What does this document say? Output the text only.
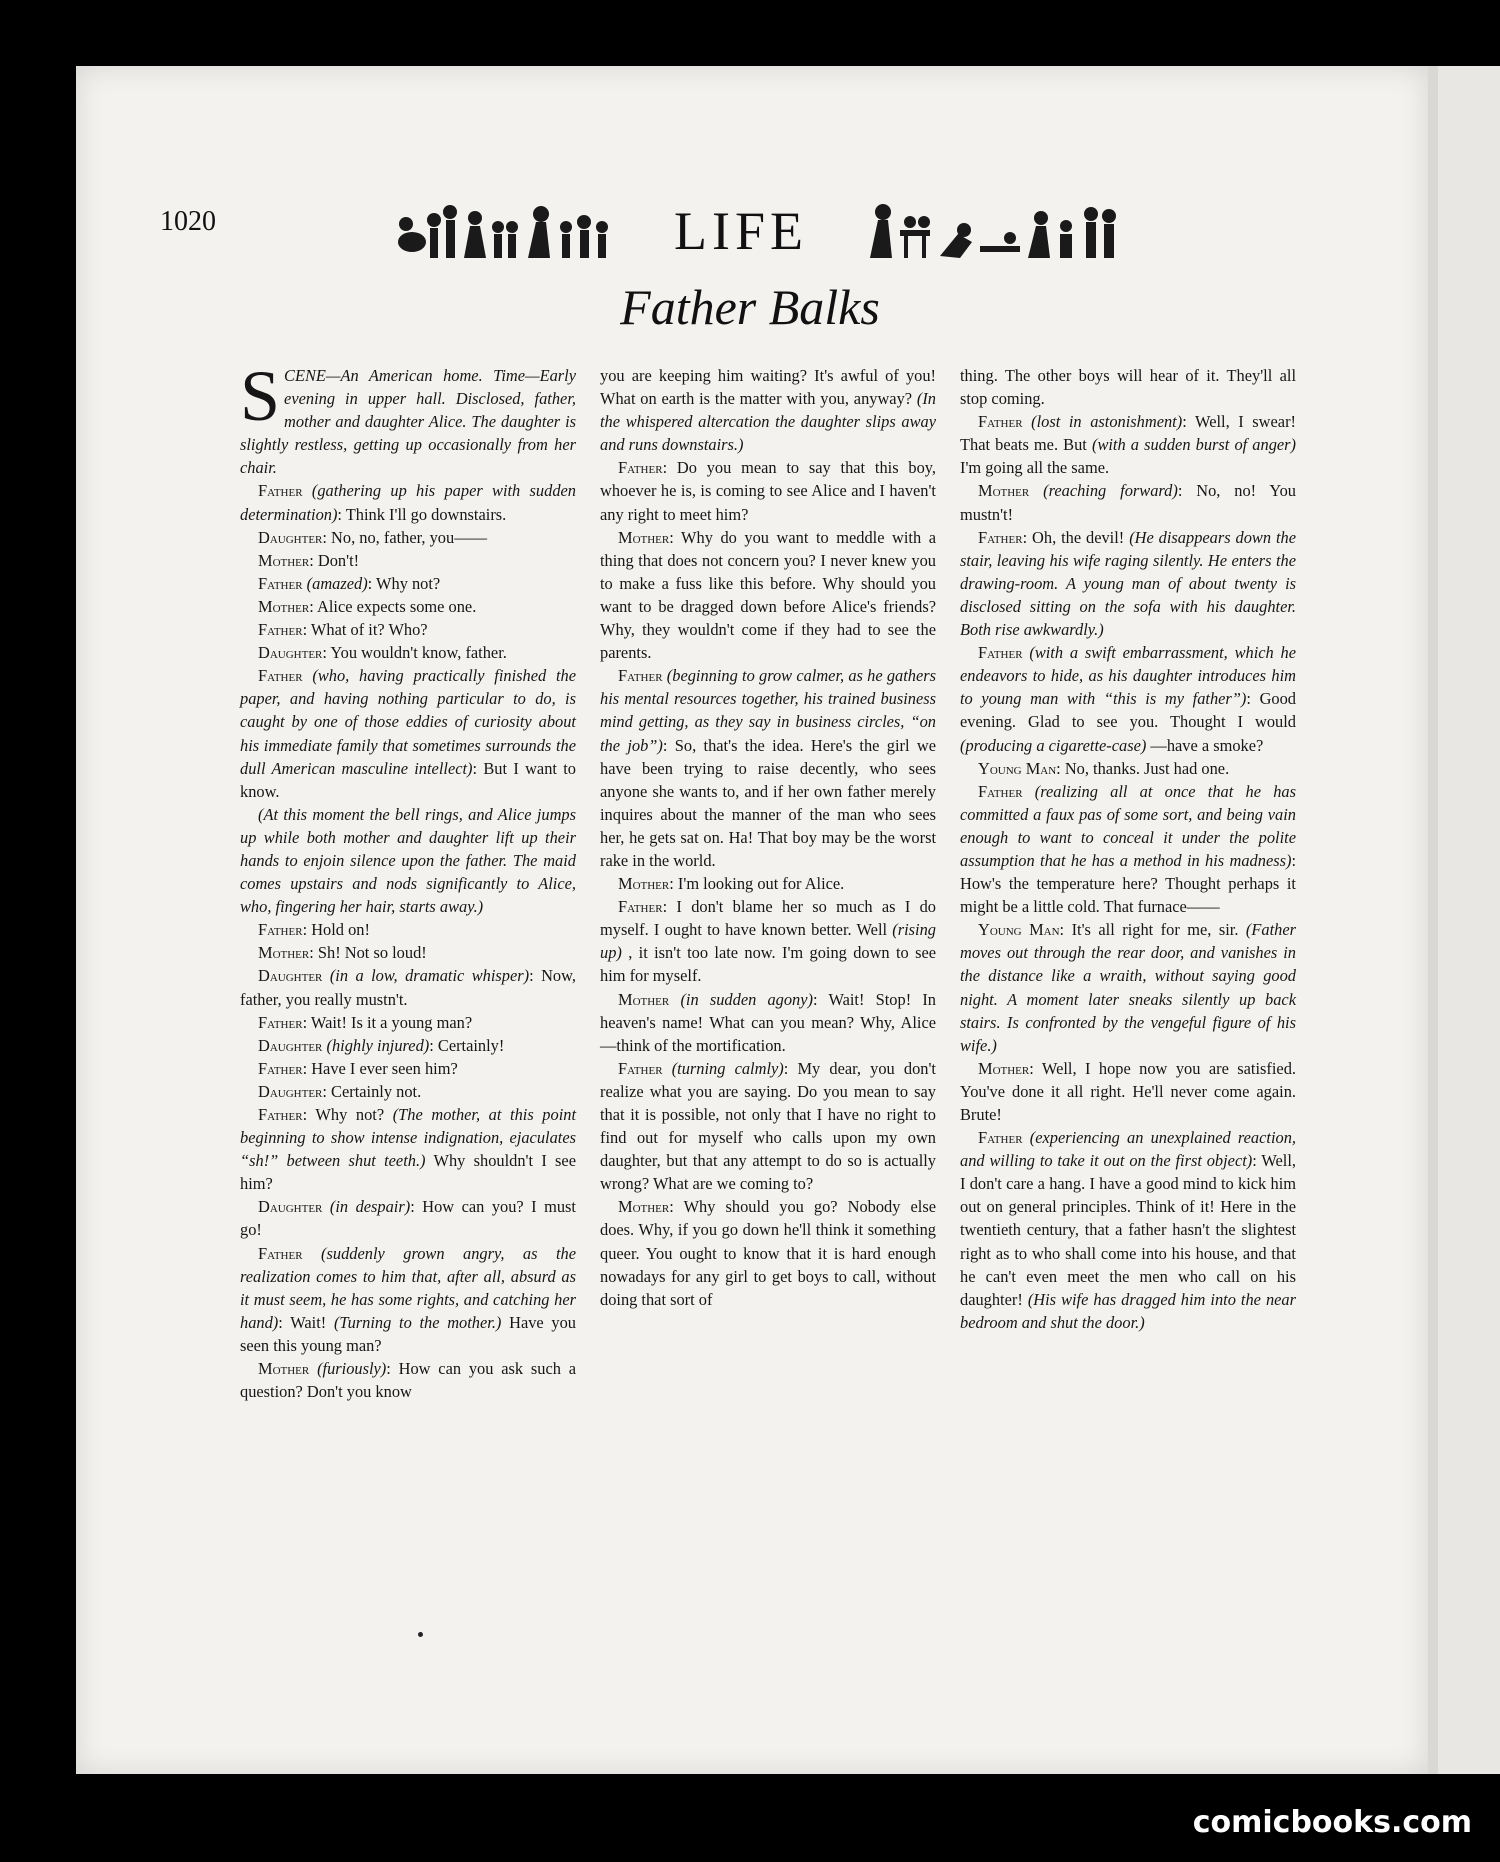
1020	LIFE
Father Balks

SCENE—An American home. Time—Early evening in upper hall. Disclosed, father, mother and daughter Alice. The daughter is slightly restless, getting up occasionally from her chair.

Father (gathering up his paper with sudden determination): Think I'll go downstairs.

Daughter: No, no, father, you——

Mother: Don't!

Father (amazed): Why not?

Mother: Alice expects some one.

Father: What of it? Who?

Daughter: You wouldn't know, father.

Father (who, having practically finished the paper, and having nothing particular to do, is caught by one of those eddies of curiosity about his immediate family that sometimes surrounds the dull American masculine intellect): But I want to know.

(At this moment the bell rings, and Alice jumps up while both mother and daughter lift up their hands to enjoin silence upon the father. The maid comes upstairs and nods significantly to Alice, who, fingering her hair, starts away.)

Father: Hold on!

Mother: Sh! Not so loud!

Daughter (in a low, dramatic whisper): Now, father, you really mustn't.

Father: Wait! Is it a young man?

Daughter (highly injured): Certainly!

Father: Have I ever seen him?

Daughter: Certainly not.

Father: Why not? (The mother, at this point beginning to show intense indignation, ejaculates “sh!” between shut teeth.) Why shouldn't I see him?

Daughter (in despair): How can you? I must go!

Father (suddenly grown angry, as the realization comes to him that, after all, absurd as it must seem, he has some rights, and catching her hand): Wait! (Turning to the mother.) Have you seen this young man?

Mother (furiously): How can you ask such a question? Don't you know

you are keeping him waiting? It's awful of you! What on earth is the matter with you, anyway? (In the whispered altercation the daughter slips away and runs downstairs.)

Father: Do you mean to say that this boy, whoever he is, is coming to see Alice and I haven't any right to meet him?

Mother: Why do you want to meddle with a thing that does not concern you? I never knew you to make a fuss like this before. Why should you want to be dragged down before Alice's friends? Why, they wouldn't come if they had to see the parents.

Father (beginning to grow calmer, as he gathers his mental resources together, his trained business mind getting, as they say in business circles, “on the job”): So, that's the idea. Here's the girl we have been trying to raise decently, who sees anyone she wants to, and if her own father merely inquires about the manner of the man who sees her, he gets sat on. Ha! That boy may be the worst rake in the world.

Mother: I'm looking out for Alice.

Father: I don't blame her so much as I do myself. I ought to have known better. Well (rising up) , it isn't too late now. I'm going down to see him for myself.

Mother (in sudden agony): Wait! Stop! In heaven's name! What can you mean? Why, Alice—think of the mortification.

Father (turning calmly): My dear, you don't realize what you are saying. Do you mean to say that it is possible, not only that I have no right to find out for myself who calls upon my own daughter, but that any attempt to do so is actually wrong? What are we coming to?

Mother: Why should you go? Nobody else does. Why, if you go down he'll think it something queer. You ought to know that it is hard enough nowadays for any girl to get boys to call, without doing that sort of

thing. The other boys will hear of it. They'll all stop coming.

Father (lost in astonishment): Well, I swear! That beats me. But (with a sudden burst of anger) I'm going all the same.

Mother (reaching forward): No, no! You mustn't!

Father: Oh, the devil! (He disappears down the stair, leaving his wife raging silently. He enters the drawing-room. A young man of about twenty is disclosed sitting on the sofa with his daughter. Both rise awkwardly.)

Father (with a swift embarrassment, which he endeavors to hide, as his daughter introduces him to young man with “this is my father”): Good evening. Glad to see you. Thought I would (producing a cigarette-case) —have a smoke?

Young Man: No, thanks. Just had one.

Father (realizing all at once that he has committed a faux pas of some sort, and being vain enough to want to conceal it under the polite assumption that he has a method in his madness): How's the temperature here? Thought perhaps it might be a little cold. That furnace——

Young Man: It's all right for me, sir. (Father moves out through the rear door, and vanishes in the distance like a wraith, without saying good night. A moment later sneaks silently up back stairs. Is confronted by the vengeful figure of his wife.)

Mother: Well, I hope now you are satisfied. You've done it all right. He'll never come again. Brute!

Father (experiencing an unexplained reaction, and willing to take it out on the first object): Well, I don't care a hang. I have a good mind to kick him out on general principles. Think of it! Here in the twentieth century, that a father hasn't the slightest right as to who shall come into his house, and that he can't even meet the men who call on his daughter! (His wife has dragged him into the near bedroom and shut the door.)

comicbooks.com
